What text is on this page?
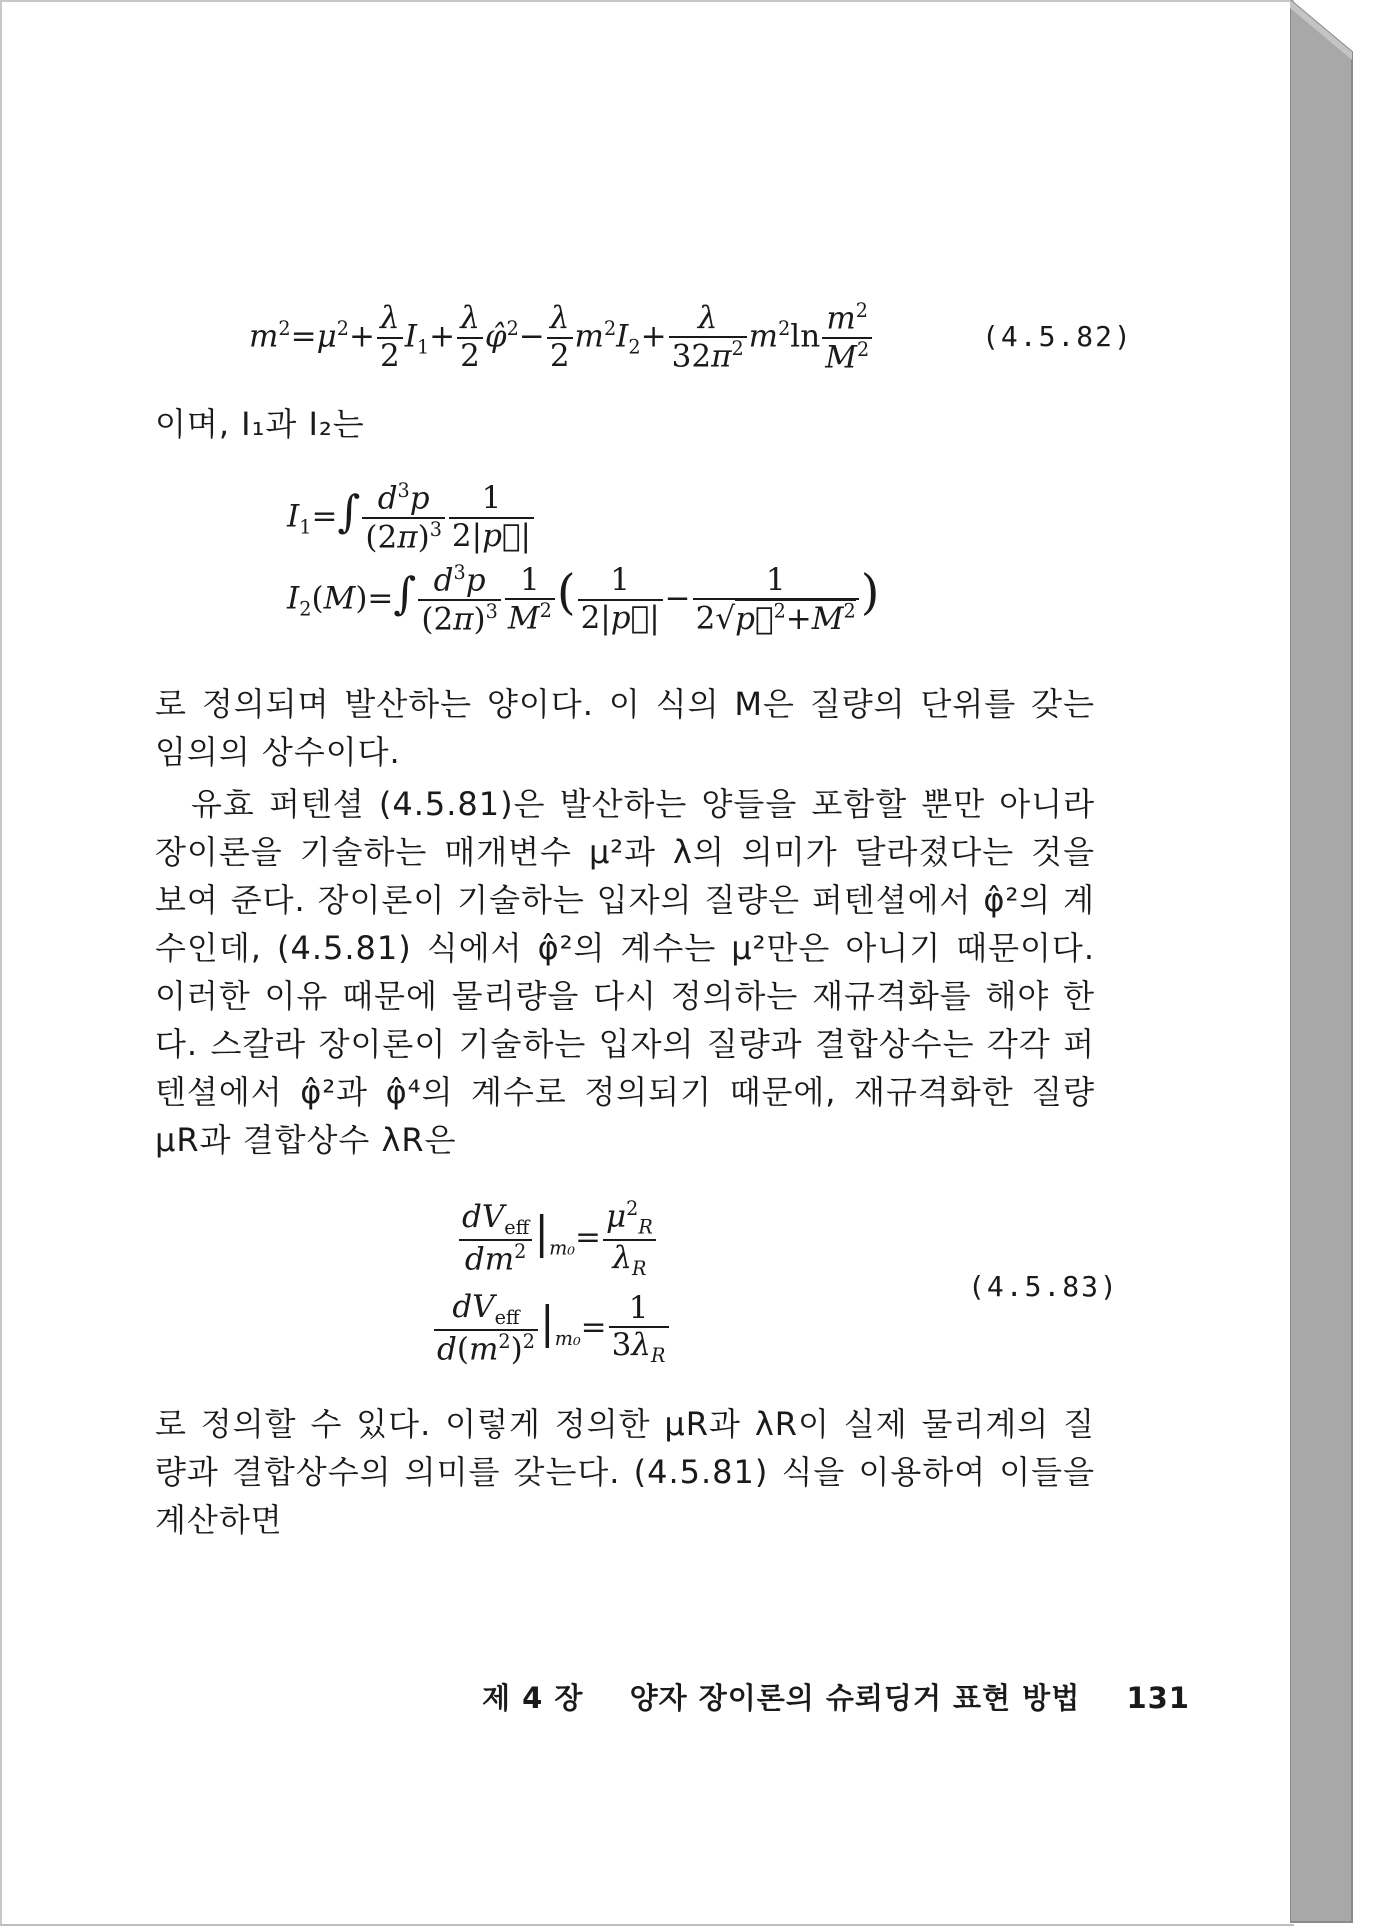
$m^2=\mu^2+ \frac{\lambda}{2} I_1+ \frac{\lambda}{2}$ φ̂$^2$− $\frac{\lambda}{2} m^2I_2+ \frac{\lambda}{32\pi^2} m^2\ln \frac{m^2}{M^2}$	(4.5.82)
이며, I₁과 I₂는
$I_1=\int \frac{d^3p}{(2\pi)^3} \frac{1}{2|p⃗|}$
$I_2(M)=\int \frac{d^3p}{(2\pi)^3} \frac{1}{M^2}$ ( $\frac{1}{2|p⃗|} - \frac{1}{2√p⃗^2+M^2}$ )
로 정의되며 발산하는 양이다. 이 식의 M은 질량의 단위를 갖는 임의의 상수이다.
유효 퍼텐셜 (4.5.81)은 발산하는 양들을 포함할 뿐만 아니라 장이론을 기술하는 매개변수 μ²과 λ의 의미가 달라졌다는 것을 보여 준다. 장이론이 기술하는 입자의 질량은 퍼텐셜에서 φ̂²의 계수인데, (4.5.81) 식에서 φ̂²의 계수는 μ²만은 아니기 때문이다. 이러한 이유 때문에 물리량을 다시 정의하는 재규격화를 해야 한다. 스칼라 장이론이 기술하는 입자의 질량과 결합상수는 각각 퍼텐셜에서 φ̂²과 φ̂⁴의 계수로 정의되기 때문에, 재규격화한 질량 μR과 결합상수 λR은
$\frac{dV_{eff}}{dm^2} |_{m_0}= \frac{\mu^2_R}{\lambda_R}$
$\frac{dV_{eff}}{d(m^2)^2} |_{m_0}= \frac{1}{3\lambda_R}$
(4.5.83)
로 정의할 수 있다. 이렇게 정의한 μR과 λR이 실제 물리계의 질량과 결합상수의 의미를 갖는다. (4.5.81) 식을 이용하여 이들을 계산하면
제 4 장 양자 장이론의 슈뢰딩거 표현 방법 131
